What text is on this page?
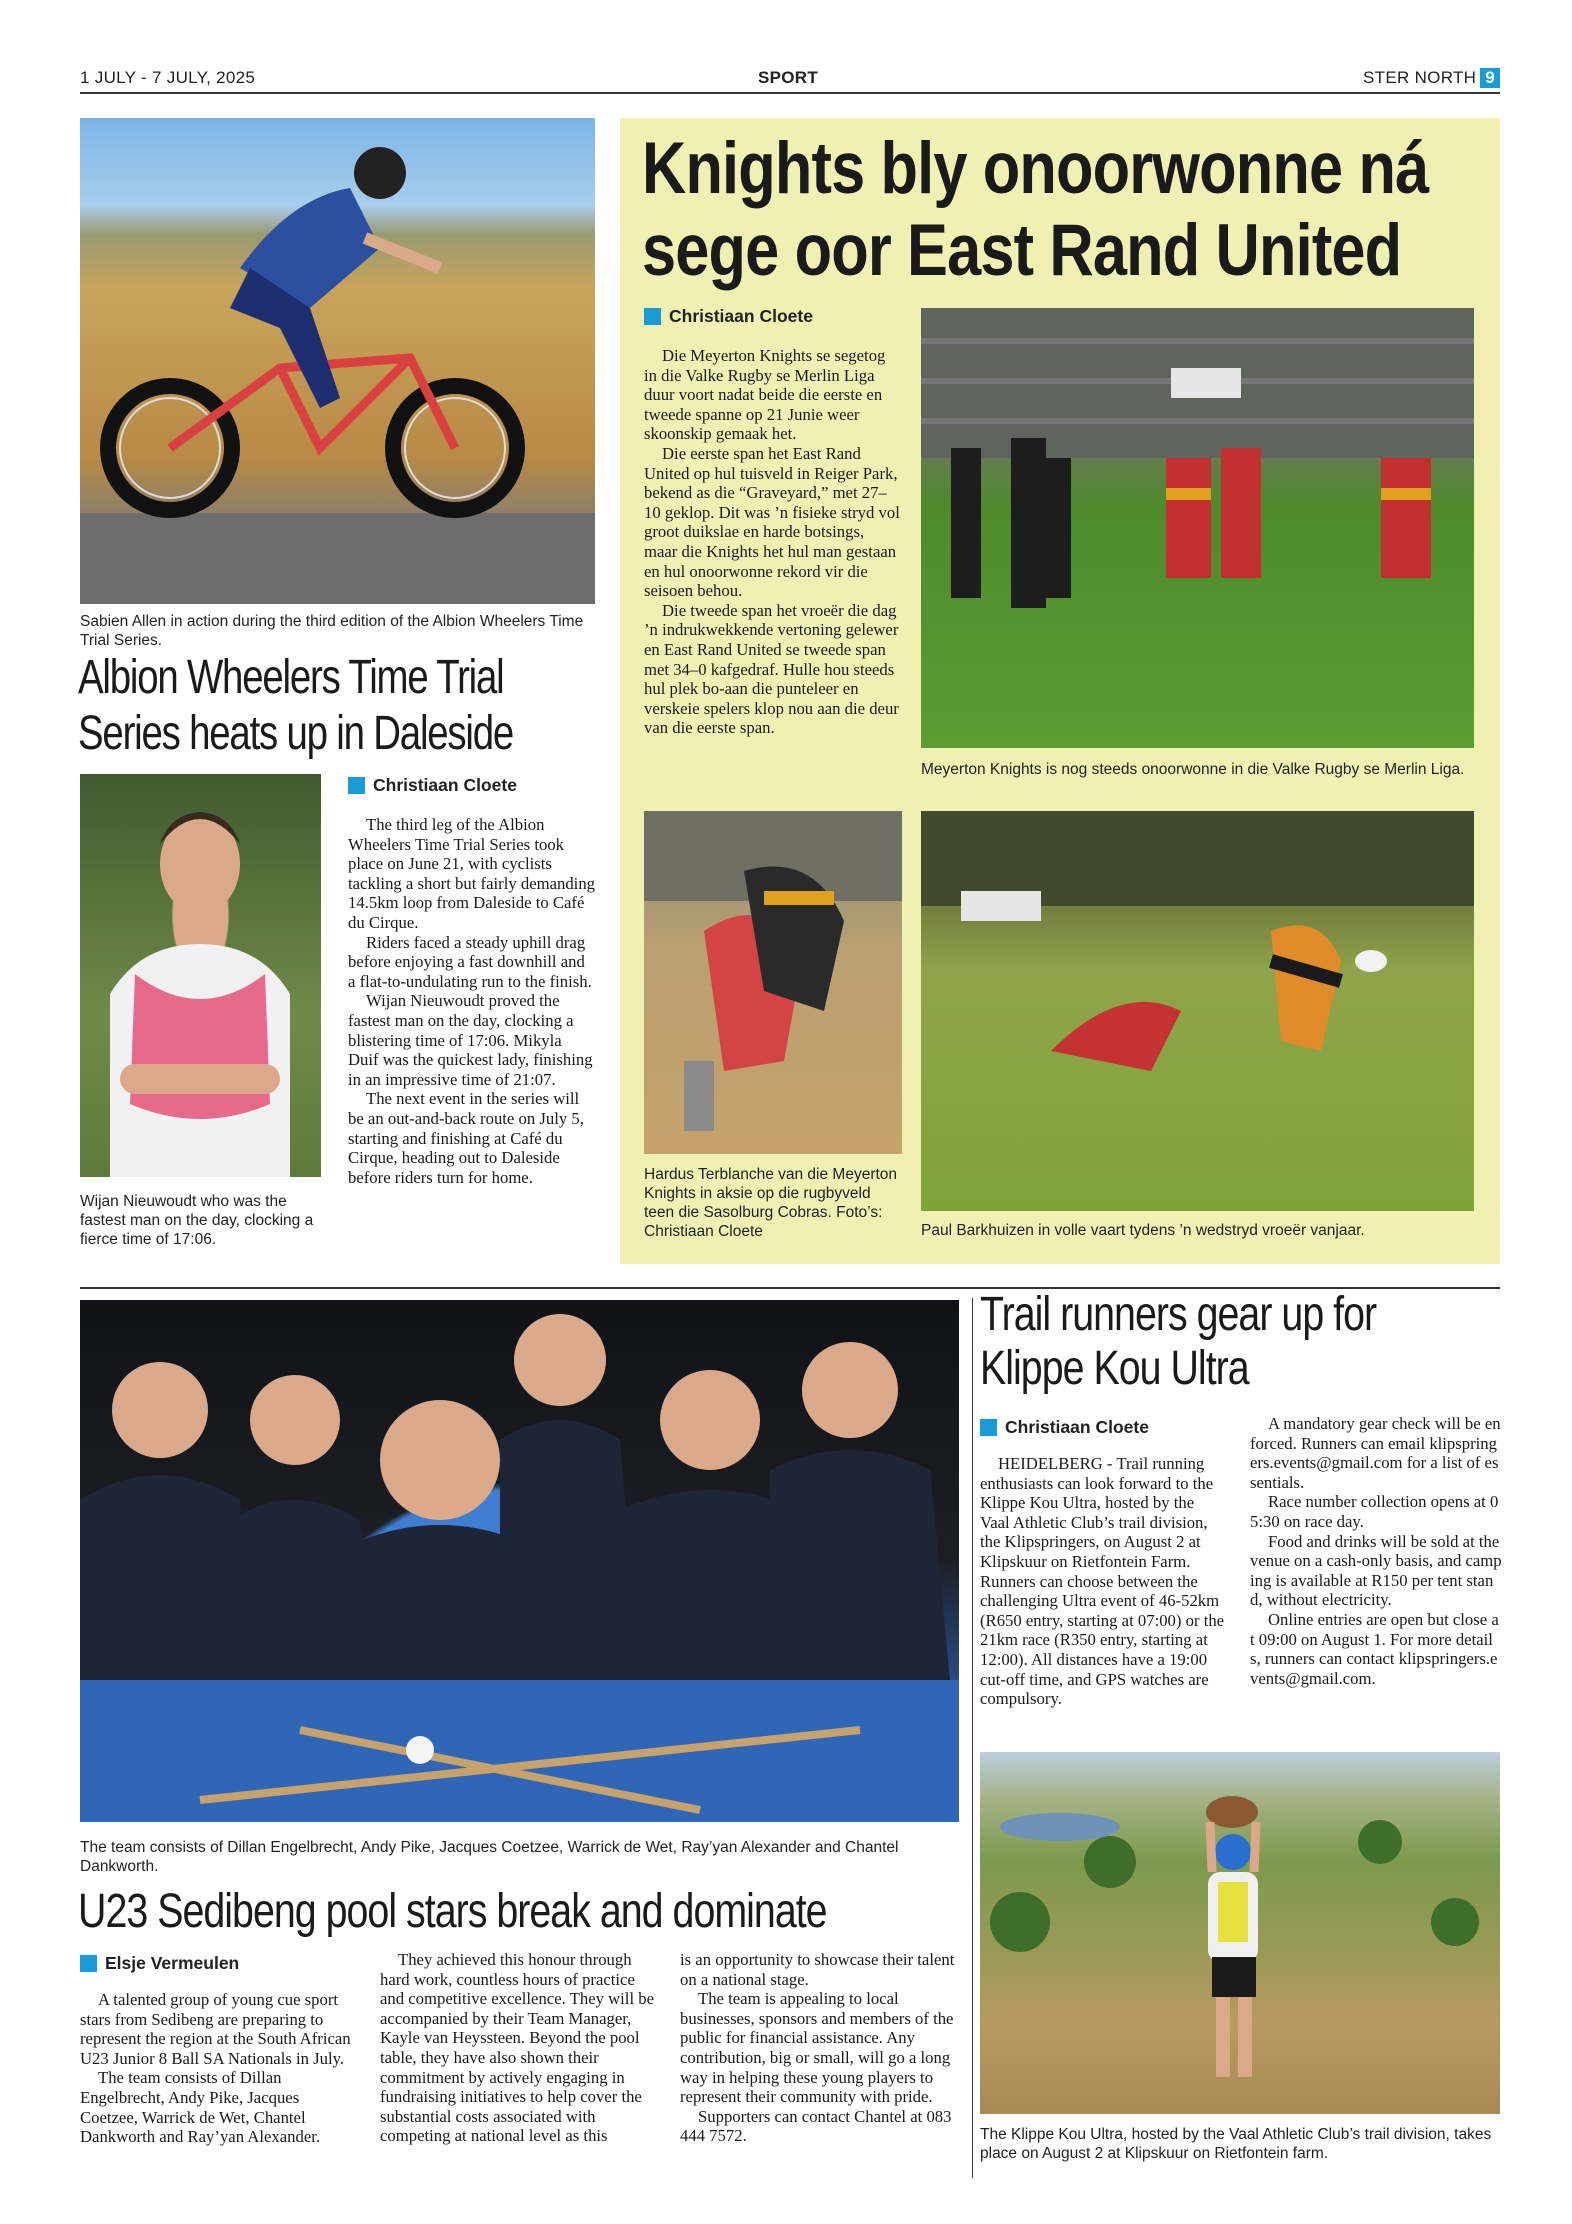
1 JULY - 7 JULY, 2025	SPORT	STER NORTH 9
Sabien Allen in action during the third edition of the Albion Wheelers Time Trial Series.
Albion Wheelers Time Trial
Series heats up in Daleside
Wijan Nieuwoudt who was the fastest man on the day, clocking a fierce time of 17:06.
Christiaan Cloete

The third leg of the Albion Wheelers Time Trial Series took place on June 21, with cyclists tackling a short but fairly demanding 14.5km loop from Daleside to Café du Cirque.

Riders faced a steady uphill drag before enjoying a fast downhill and a flat-to-undulating run to the finish.

Wijan Nieuwoudt proved the fastest man on the day, clocking a blistering time of 17:06. Mikyla Duif was the quickest lady, finishing in an impressive time of 21:07.

The next event in the series will be an out-and-back route on July 5, starting and finishing at Café du Cirque, heading out to Daleside before riders turn for home.

Knights bly onoorwonne ná
sege oor East Rand United
Christiaan Cloete

Die Meyerton Knights se segetog in die Valke Rugby se Merlin Liga duur voort nadat beide die eerste en tweede spanne op 21 Junie weer skoonskip gemaak het.

Die eerste span het East Rand United op hul tuisveld in Reiger Park, bekend as die “Graveyard,” met 27–10 geklop. Dit was ’n fisieke stryd vol groot duikslae en harde botsings, maar die Knights het hul man gestaan en hul onoorwonne rekord vir die seisoen behou.

Die tweede span het vroeër die dag ’n indrukwekkende vertoning gelewer en East Rand United se tweede span met 34–0 kafgedraf. Hulle hou steeds hul plek bo-aan die punteleer en verskeie spelers klop nou aan die deur van die eerste span.

Meyerton Knights is nog steeds onoorwonne in die Valke Rugby se Merlin Liga.
Hardus Terblanche van die Meyerton Knights in aksie op die rugbyveld teen die Sasolburg Cobras. Foto’s: Christiaan Cloete	Paul Barkhuizen in volle vaart tydens ’n wedstryd vroeër vanjaar.
The team consists of Dillan Engelbrecht, Andy Pike, Jacques Coetzee, Warrick de Wet, Ray’yan Alexander and Chantel Dankworth.
U23 Sedibeng pool stars break and dominate
Elsje Vermeulen

A talented group of young cue sport stars from Sedibeng are preparing to represent the region at the South African U23 Junior 8 Ball SA Nationals in July.

The team consists of Dillan Engelbrecht, Andy Pike, Jacques Coetzee, Warrick de Wet, Chantel Dankworth and Ray’yan Alexander.

They achieved this honour through hard work, countless hours of practice and competitive excellence. They will be accompanied by their Team Manager, Kayle van Heyssteen. Beyond the pool table, they have also shown their commitment by actively engaging in fundraising initiatives to help cover the substantial costs associated with competing at national level as this

is an opportunity to showcase their talent on a national stage.

The team is appealing to local businesses, sponsors and members of the public for financial assistance. Any contribution, big or small, will go a long way in helping these young players to represent their community with pride.

Supporters can contact Chantel at 083 444 7572.

Trail runners gear up for
Klippe Kou Ultra
Christiaan Cloete

HEIDELBERG - Trail running enthusiasts can look forward to the Klippe Kou Ultra, hosted by the Vaal Athletic Club’s trail division, the Klipspringers, on August 2 at Klipskuur on Rietfontein Farm. Runners can choose between the challenging Ultra event of 46-52km (R650 entry, starting at 07:00) or the 21km race (R350 entry, starting at 12:00). All distances have a 19:00 cut-off time, and GPS watches are compulsory.

A mandatory gear check will be enforced. Runners can email klipspringers.events@gmail.com for a list of essentials.

Race number collection opens at 05:30 on race day.

Food and drinks will be sold at the venue on a cash-only basis, and camping is available at R150 per tent stand, without electricity.

Online entries are open but close at 09:00 on August 1. For more details, runners can contact klipspringers.events@gmail.com.

The Klippe Kou Ultra, hosted by the Vaal Athletic Club’s trail division, takes place on August 2 at Klipskuur on Rietfontein farm.
